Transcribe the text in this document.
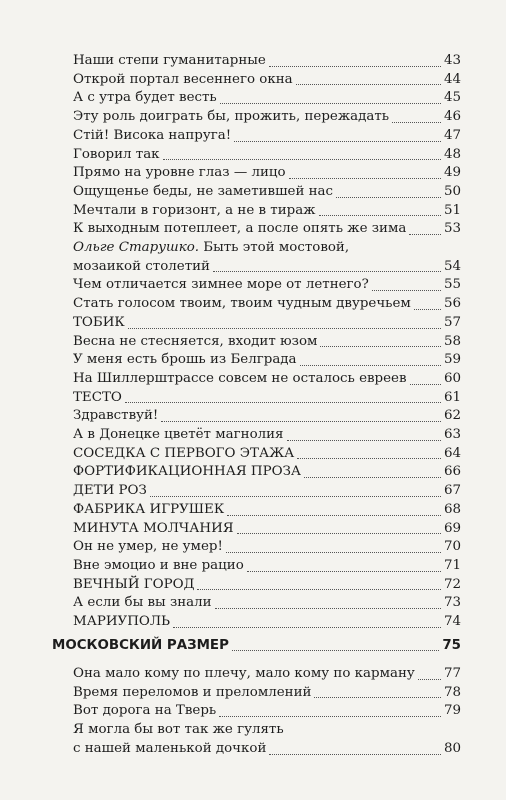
Наши степи гуманитарные	43
Открой портал весеннего окна	44
А с утра будет весть	45
Эту роль доиграть бы, прожить, пережадать	46
Стій! Висока напруга!	47
Говорил так	48
Прямо на уровне глаз — лицо	49
Ощущенье беды, не заметившей нас	50
Мечтали в горизонт, а не в тираж	51
К выходным потеплеет, а после опять же зима	53
Ольге Старушко. Быть этой мостовой,
мозаикой столетий	54
Чем отличается зимнее море от летнего?	55
Стать голосом твоим, твоим чудным двуречьем 56
ТОБИК	57
Весна не стесняется, входит юзом	58
У меня есть брошь из Белграда	59
На Шиллерштрассе совсем не осталось евреев	60
ТЕСТО	61
Здравствуй!	62
А в Донецке цветёт магнолия	63
СОСЕДКА С ПЕРВОГО ЭТАЖА	64
ФОРТИФИКАЦИОННАЯ ПРОЗА	66
ДЕТИ РОЗ	67
ФАБРИКА ИГРУШЕК	68
МИНУТА МОЛЧАНИЯ	69
Он не умер, не умер!	70
Вне эмоцио и вне рацио	71
ВЕЧНЫЙ ГОРОД	72
А если бы вы знали	73
МАРИУПОЛЬ	74
МОСКОВСКИЙ РАЗМЕР	75
Она мало кому по плечу, мало кому по карману 77
Время переломов и преломлений	78
Вот дорога на Тверь	79
Я могла бы вот так же гулять
с нашей маленькой дочкой	80
